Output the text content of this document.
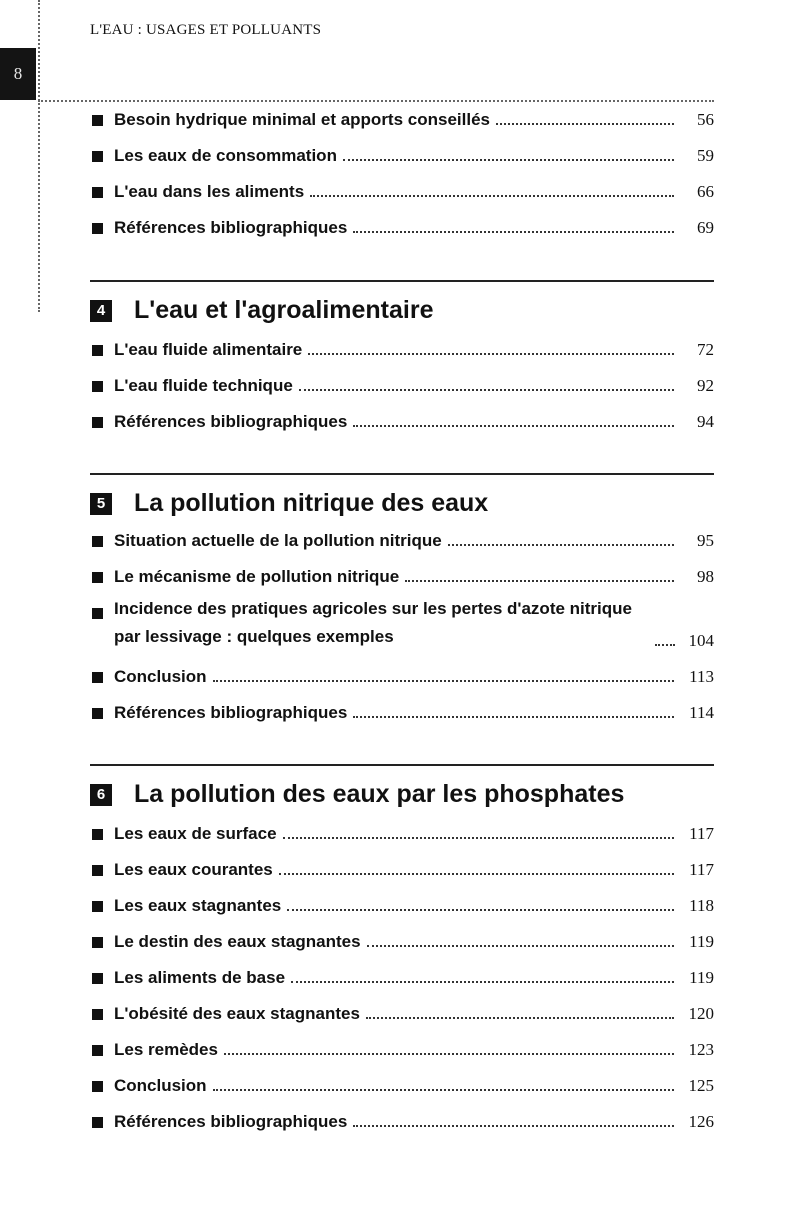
L'EAU : USAGES ET POLLUANTS
8
Besoin hydrique minimal et apports conseillés	56
Les eaux de consommation	59
L'eau dans les aliments	66
Références bibliographiques	69
4 L'eau et l'agroalimentaire
L'eau fluide alimentaire	72
L'eau fluide technique	92
Références bibliographiques	94
5 La pollution nitrique des eaux
Situation actuelle de la pollution nitrique	95
Le mécanisme de pollution nitrique	98
Incidence des pratiques agricoles sur les pertes d'azote nitrique par lessivage : quelques exemples	104
Conclusion	113
Références bibliographiques	114
6 La pollution des eaux par les phosphates
Les eaux de surface	117
Les eaux courantes	117
Les eaux stagnantes	118
Le destin des eaux stagnantes	119
Les aliments de base	119
L'obésité des eaux stagnantes	120
Les remèdes	123
Conclusion	125
Références bibliographiques	126
